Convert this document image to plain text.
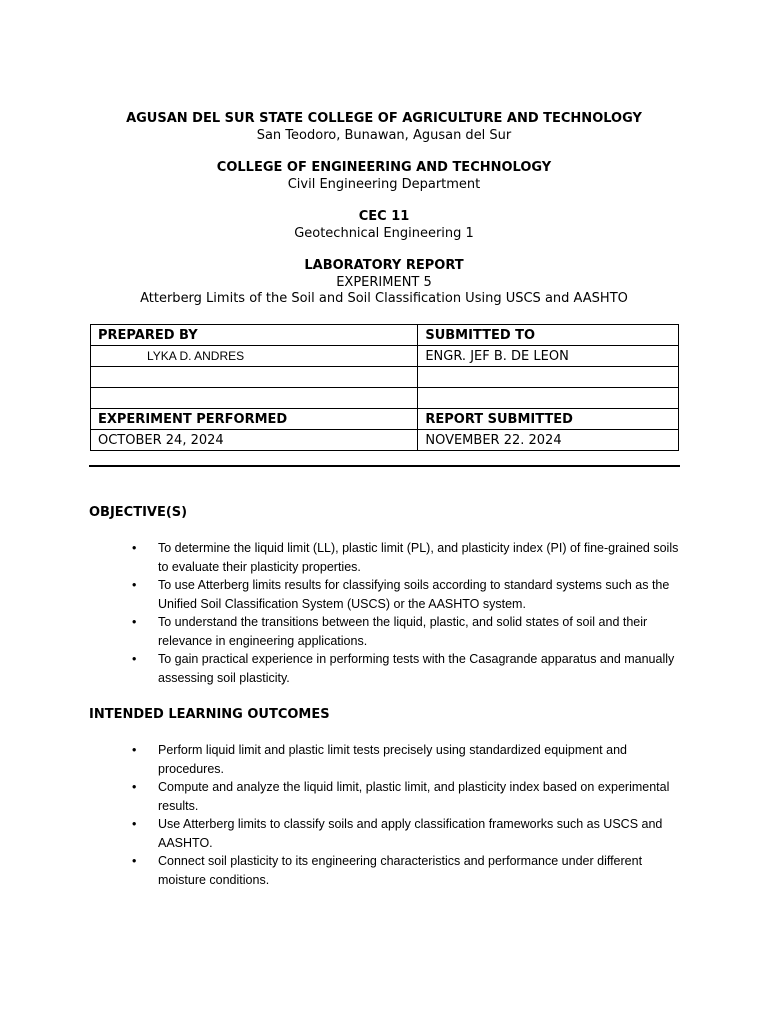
AGUSAN DEL SUR STATE COLLEGE OF AGRICULTURE AND TECHNOLOGY
San Teodoro, Bunawan, Agusan del Sur
COLLEGE OF ENGINEERING AND TECHNOLOGY
Civil Engineering Department
CEC 11
Geotechnical Engineering 1
LABORATORY REPORT
EXPERIMENT 5
Atterberg Limits of the Soil and Soil Classification Using USCS and AASHTO
PREPARED BY	SUBMITTED TO
LYKA D. ANDRES	ENGR. JEF B. DE LEON

EXPERIMENT PERFORMED	REPORT SUBMITTED
OCTOBER 24, 2024	NOVEMBER 22. 2024
OBJECTIVE(S)
• To determine the liquid limit (LL), plastic limit (PL), and plasticity index (PI) of fine-grained soils to evaluate their plasticity properties.
• To use Atterberg limits results for classifying soils according to standard systems such as the Unified Soil Classification System (USCS) or the AASHTO system.
• To understand the transitions between the liquid, plastic, and solid states of soil and their relevance in engineering applications.
• To gain practical experience in performing tests with the Casagrande apparatus and manually assessing soil plasticity.
INTENDED LEARNING OUTCOMES
• Perform liquid limit and plastic limit tests precisely using standardized equipment and procedures.
• Compute and analyze the liquid limit, plastic limit, and plasticity index based on experimental results.
• Use Atterberg limits to classify soils and apply classification frameworks such as USCS and AASHTO.
• Connect soil plasticity to its engineering characteristics and performance under different moisture conditions.
